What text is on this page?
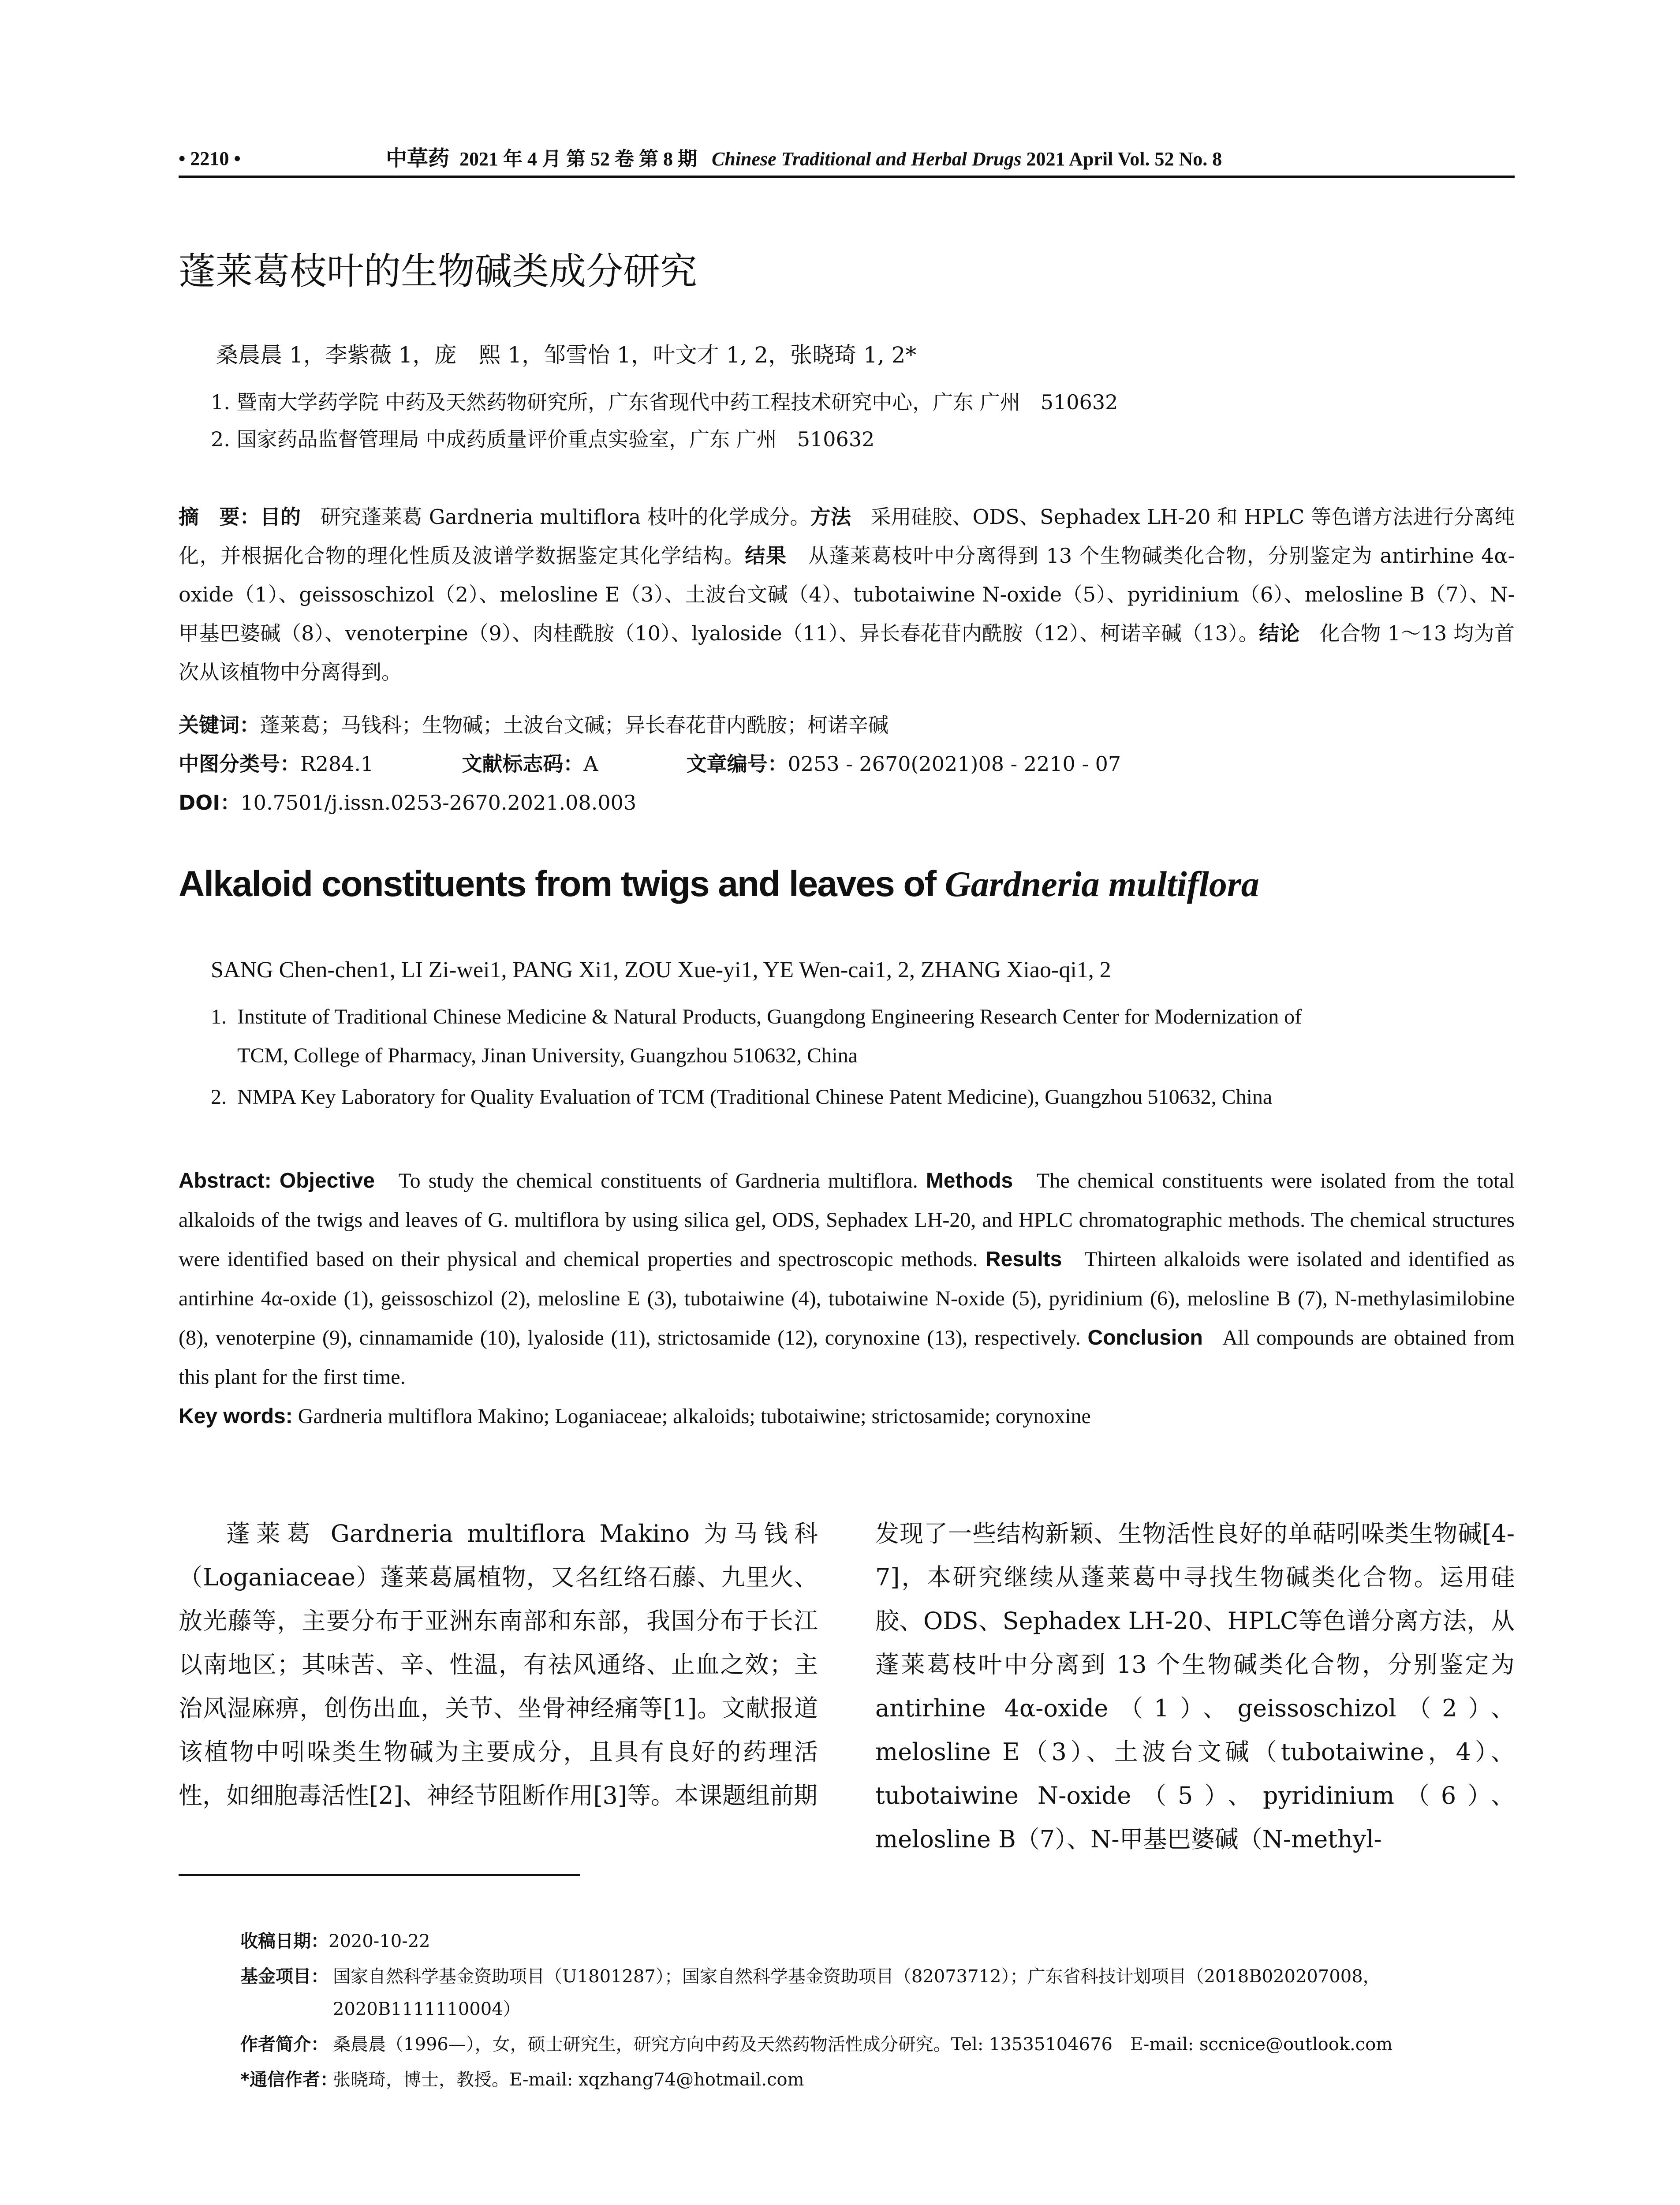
• 2210 •	中草药 2021 年 4 月 第 52 卷 第 8 期 Chinese Traditional and Herbal Drugs 2021 April Vol. 52 No. 8
蓬莱葛枝叶的生物碱类成分研究
桑晨晨 1，李紫薇 1，庞　熙 1，邹雪怡 1，叶文才 1, 2，张晓琦 1, 2*
1. 暨南大学药学院 中药及天然药物研究所，广东省现代中药工程技术研究中心，广东 广州　510632
2. 国家药品监督管理局 中成药质量评价重点实验室，广东 广州　510632

摘　要：目的 研究蓬莱葛 Gardneria multiflora 枝叶的化学成分。方法 采用硅胶、ODS、Sephadex LH-20 和 HPLC 等色谱方法进行分离纯化，并根据化合物的理化性质及波谱学数据鉴定其化学结构。结果 从蓬莱葛枝叶中分离得到 13 个生物碱类化合物，分别鉴定为 antirhine 4α-oxide（1）、geissoschizol（2）、melosline E（3）、土波台文碱（4）、tubotaiwine N-oxide（5）、pyridinium（6）、melosline B（7）、N-甲基巴婆碱（8）、venoterpine（9）、肉桂酰胺（10）、lyaloside（11）、异长春花苷内酰胺（12）、柯诺辛碱（13）。结论 化合物 1～13 均为首次从该植物中分离得到。

关键词：蓬莱葛；马钱科；生物碱；土波台文碱；异长春花苷内酰胺；柯诺辛碱

中图分类号：R284.1	文献标志码：A	文章编号：0253 - 2670(2021)08 - 2210 - 07

DOI：10.7501/j.issn.0253-2670.2021.08.003

Alkaloid constituents from twigs and leaves of Gardneria multiflora
SANG Chen-chen1, LI Zi-wei1, PANG Xi1, ZOU Xue-yi1, YE Wen-cai1, 2, ZHANG Xiao-qi1, 2
1. Institute of Traditional Chinese Medicine & Natural Products, Guangdong Engineering Research Center for Modernization of
TCM, College of Pharmacy, Jinan University, Guangzhou 510632, China
2. NMPA Key Laboratory for Quality Evaluation of TCM (Traditional Chinese Patent Medicine), Guangzhou 510632, China

Abstract: Objective To study the chemical constituents of Gardneria multiflora. Methods The chemical constituents were isolated from the total alkaloids of the twigs and leaves of G. multiflora by using silica gel, ODS, Sephadex LH-20, and HPLC chromatographic methods. The chemical structures were identified based on their physical and chemical properties and spectroscopic methods. Results Thirteen alkaloids were isolated and identified as antirhine 4α-oxide (1), geissoschizol (2), melosline E (3), tubotaiwine (4), tubotaiwine N-oxide (5), pyridinium (6), melosline B (7), N-methylasimilobine (8), venoterpine (9), cinnamamide (10), lyaloside (11), strictosamide (12), corynoxine (13), respectively. Conclusion All compounds are obtained from this plant for the first time.

Key words: Gardneria multiflora Makino; Loganiaceae; alkaloids; tubotaiwine; strictosamide; corynoxine

蓬莱葛 Gardneria multiflora Makino 为马钱科（Loganiaceae）蓬莱葛属植物，又名红络石藤、九里火、放光藤等，主要分布于亚洲东南部和东部，我国分布于长江以南地区；其味苦、辛、性温，有祛风通络、止血之效；主治风湿麻痹，创伤出血，关节、坐骨神经痛等[1]。文献报道该植物中吲哚类生物碱为主要成分，且具有良好的药理活性，如细胞毒活性[2]、神经节阻断作用[3]等。本课题组前期

发现了一些结构新颖、生物活性良好的单萜吲哚类生物碱[4-7]，本研究继续从蓬莱葛中寻找生物碱类化合物。运用硅胶、ODS、Sephadex LH-20、HPLC等色谱分离方法，从蓬莱葛枝叶中分离到 13 个生物碱类化合物，分别鉴定为 antirhine 4α-oxide（1）、geissoschizol（2）、melosline E（3）、土波台文碱（tubotaiwine，4）、tubotaiwine N-oxide（5）、pyridinium（6）、melosline B（7）、N-甲基巴婆碱（N-methyl-

收稿日期：2020-10-22
基金项目： 国家自然科学基金资助项目（U1801287）；国家自然科学基金资助项目（82073712）；广东省科技计划项目（2018B020207008，2020B1111110004）
作者简介： 桑晨晨（1996—），女，硕士研究生，研究方向中药及天然药物活性成分研究。Tel: 13535104676　E-mail: sccnice@outlook.com
*通信作者：
张晓琦，博士，教授。E-mail: xqzhang74@hotmail.com
